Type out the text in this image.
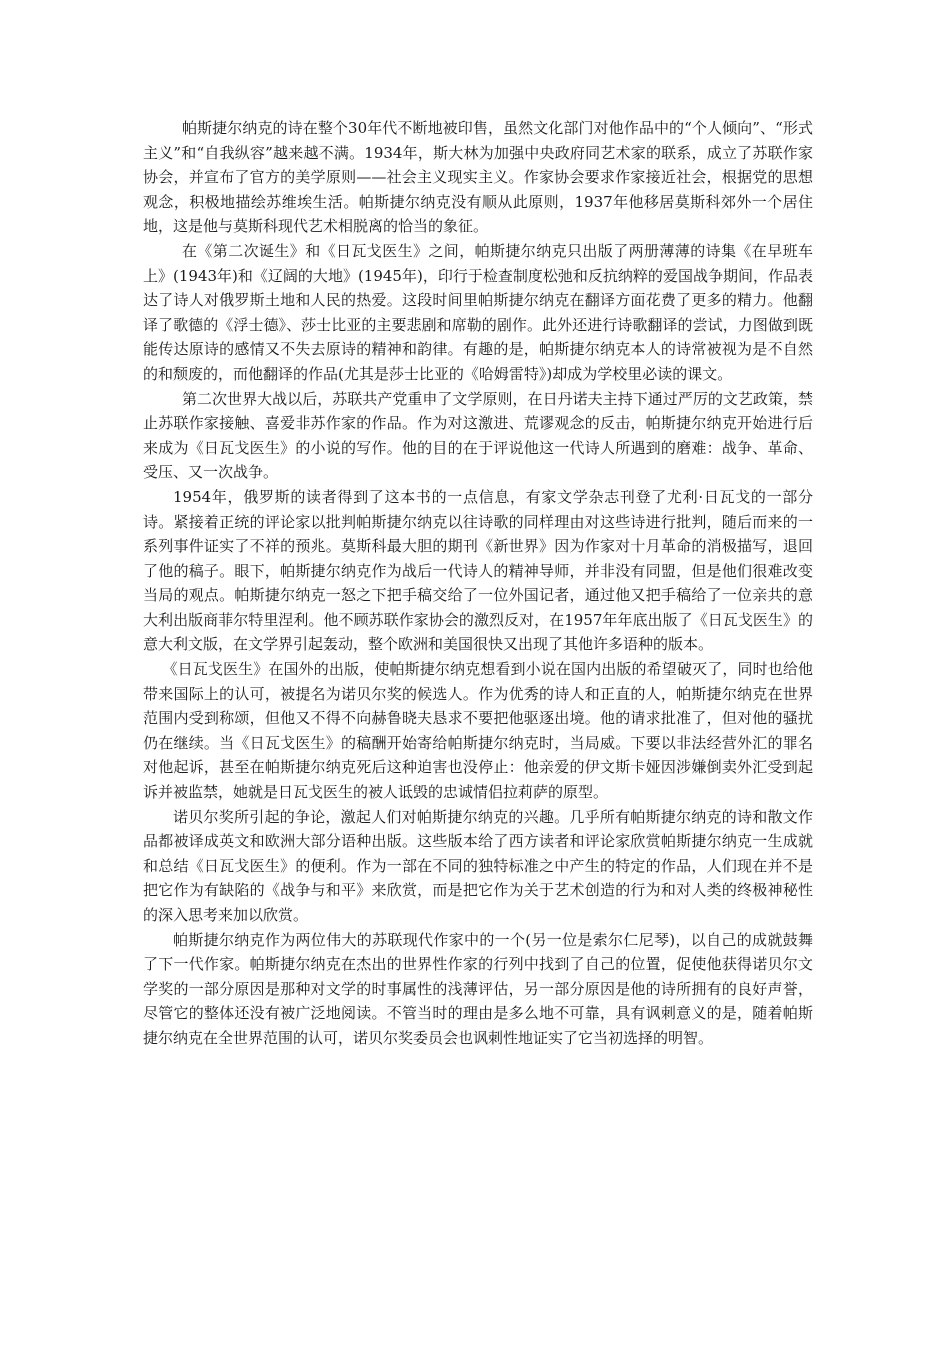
帕斯捷尔纳克的诗在整个30年代不断地被印售，虽然文化部门对他作品中的“个人倾向”、“形式主义”和“自我纵容”越来越不满。1934年，斯大林为加强中央政府同艺术家的联系，成立了苏联作家协会，并宣布了官方的美学原则——社会主义现实主义。作家协会要求作家接近社会，根据党的思想观念，积极地描绘苏维埃生活。帕斯捷尔纳克没有顺从此原则，1937年他移居莫斯科郊外一个居住地，这是他与莫斯科现代艺术相脱离的恰当的象征。

在《第二次诞生》和《日瓦戈医生》之间，帕斯捷尔纳克只出版了两册薄薄的诗集《在早班车上》(1943年)和《辽阔的大地》(1945年)，印行于检查制度松弛和反抗纳粹的爱国战争期间，作品表达了诗人对俄罗斯土地和人民的热爱。这段时间里帕斯捷尔纳克在翻译方面花费了更多的精力。他翻译了歌德的《浮士德》、莎士比亚的主要悲剧和席勒的剧作。此外还进行诗歌翻译的尝试，力图做到既能传达原诗的感情又不失去原诗的精神和韵律。有趣的是，帕斯捷尔纳克本人的诗常被视为是不自然的和颓废的，而他翻译的作品(尤其是莎士比亚的《哈姆雷特》)却成为学校里必读的课文。

第二次世界大战以后，苏联共产党重申了文学原则，在日丹诺夫主持下通过严厉的文艺政策，禁止苏联作家接触、喜爱非苏作家的作品。作为对这激进、荒谬观念的反击，帕斯捷尔纳克开始进行后来成为《日瓦戈医生》的小说的写作。他的目的在于评说他这一代诗人所遇到的磨难：战争、革命、受压、又一次战争。

1954年，俄罗斯的读者得到了这本书的一点信息，有家文学杂志刊登了尤利·日瓦戈的一部分诗。紧接着正统的评论家以批判帕斯捷尔纳克以往诗歌的同样理由对这些诗进行批判，随后而来的一系列事件证实了不祥的预兆。莫斯科最大胆的期刊《新世界》因为作家对十月革命的消极描写，退回了他的稿子。眼下，帕斯捷尔纳克作为战后一代诗人的精神导师，并非没有同盟，但是他们很难改变当局的观点。帕斯捷尔纳克一怒之下把手稿交给了一位外国记者，通过他又把手稿给了一位亲共的意大利出版商菲尔特里涅利。他不顾苏联作家协会的激烈反对，在1957年年底出版了《日瓦戈医生》的意大利文版，在文学界引起轰动，整个欧洲和美国很快又出现了其他许多语种的版本。

《日瓦戈医生》在国外的出版，使帕斯捷尔纳克想看到小说在国内出版的希望破灭了，同时也给他带来国际上的认可，被提名为诺贝尔奖的候选人。作为优秀的诗人和正直的人，帕斯捷尔纳克在世界范围内受到称颂，但他又不得不向赫鲁晓夫恳求不要把他驱逐出境。他的请求批准了，但对他的骚扰仍在继续。当《日瓦戈医生》的稿酬开始寄给帕斯捷尔纳克时，当局威。下要以非法经营外汇的罪名对他起诉，甚至在帕斯捷尔纳克死后这种迫害也没停止：他亲爱的伊文斯卡娅因涉嫌倒卖外汇受到起诉并被监禁，她就是日瓦戈医生的被人诋毁的忠诚情侣拉莉萨的原型。

诺贝尔奖所引起的争论，激起人们对帕斯捷尔纳克的兴趣。几乎所有帕斯捷尔纳克的诗和散文作品都被译成英文和欧洲大部分语种出版。这些版本给了西方读者和评论家欣赏帕斯捷尔纳克一生成就和总结《日瓦戈医生》的便利。作为一部在不同的独特标准之中产生的特定的作品，人们现在并不是把它作为有缺陷的《战争与和平》来欣赏，而是把它作为关于艺术创造的行为和对人类的终极神秘性的深入思考来加以欣赏。

帕斯捷尔纳克作为两位伟大的苏联现代作家中的一个(另一位是索尔仁尼琴)，以自己的成就鼓舞了下一代作家。帕斯捷尔纳克在杰出的世界性作家的行列中找到了自己的位置，促使他获得诺贝尔文学奖的一部分原因是那种对文学的时事属性的浅薄评估，另一部分原因是他的诗所拥有的良好声誉，尽管它的整体还没有被广泛地阅读。不管当时的理由是多么地不可靠，具有讽刺意义的是，随着帕斯捷尔纳克在全世界范围的认可，诺贝尔奖委员会也讽刺性地证实了它当初选择的明智。
